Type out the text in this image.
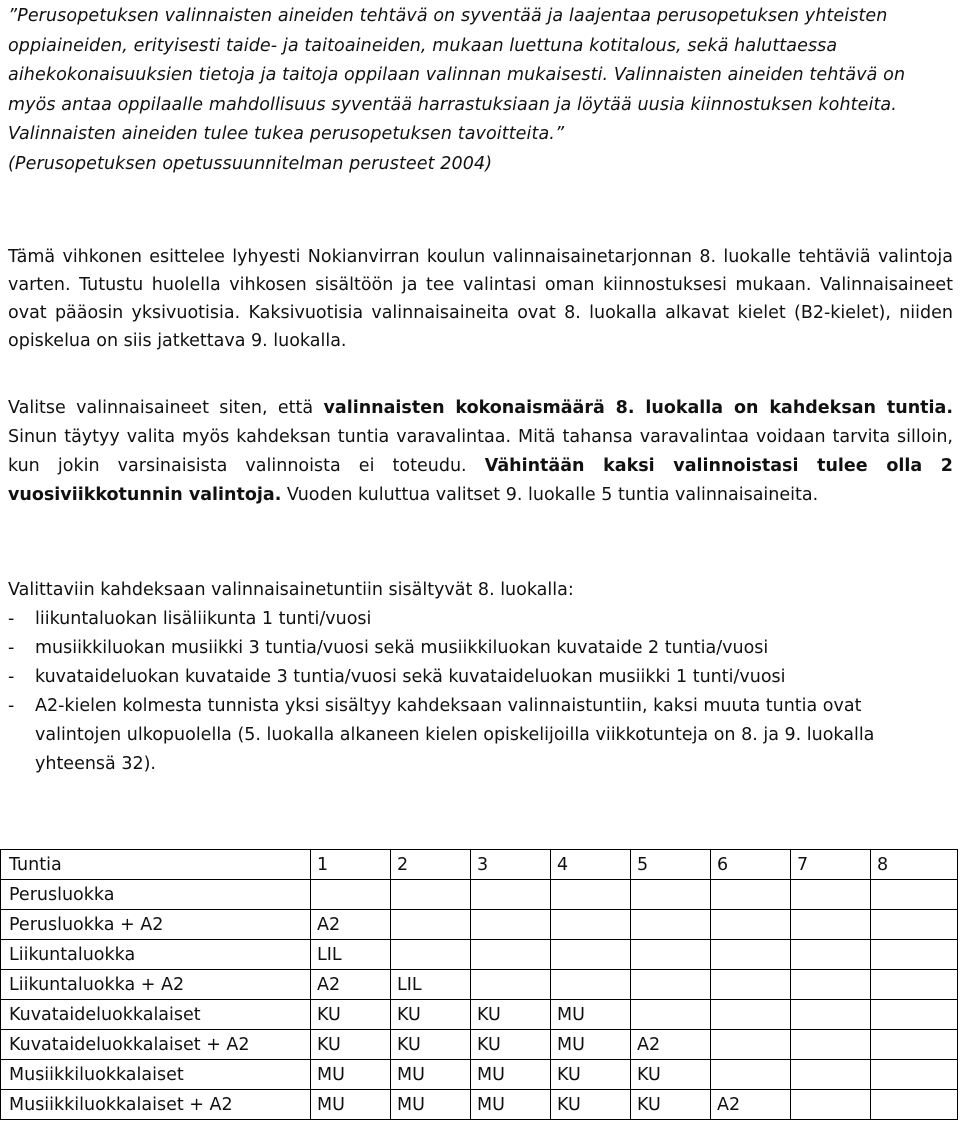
”Perusopetuksen valinnaisten aineiden tehtävä on syventää ja laajentaa perusopetuksen yhteisten oppiaineiden, erityisesti taide- ja taitoaineiden, mukaan luettuna kotitalous, sekä haluttaessa aihekokonaisuuksien tietoja ja taitoja oppilaan valinnan mukaisesti. Valinnaisten aineiden tehtävä on myös antaa oppilaalle mahdollisuus syventää harrastuksiaan ja löytää uusia kiinnostuksen kohteita. Valinnaisten aineiden tulee tukea perusopetuksen tavoitteita.”

(Perusopetuksen opetussuunnitelman perusteet 2004)

Tämä vihkonen esittelee lyhyesti Nokianvirran koulun valinnaisainetarjonnan 8. luokalle tehtäviä valintoja varten. Tutustu huolella vihkosen sisältöön ja tee valintasi oman kiinnostuksesi mukaan. Valinnaisaineet ovat pääosin yksivuotisia. Kaksivuotisia valinnaisaineita ovat 8. luokalla alkavat kielet (B2-kielet), niiden opiskelua on siis jatkettava 9. luokalla.

Valitse valinnaisaineet siten, että valinnaisten kokonaismäärä 8. luokalla on kahdeksan tuntia. Sinun täytyy valita myös kahdeksan tuntia varavalintaa. Mitä tahansa varavalintaa voidaan tarvita silloin, kun jokin varsinaisista valinnoista ei toteudu. Vähintään kaksi valinnoistasi tulee olla 2 vuosiviikkotunnin valintoja. Vuoden kuluttua valitset 9. luokalle 5 tuntia valinnaisaineita.

Valittaviin kahdeksaan valinnaisainetuntiin sisältyvät 8. luokalla:

- liikuntaluokan lisäliikunta 1 tunti/vuosi
- musiikkiluokan musiikki 3 tuntia/vuosi sekä musiikkiluokan kuvataide 2 tuntia/vuosi
- kuvataideluokan kuvataide 3 tuntia/vuosi sekä kuvataideluokan musiikki 1 tunti/vuosi
- A2-kielen kolmesta tunnista yksi sisältyy kahdeksaan valinnaistuntiin, kaksi muuta tuntia ovat valintojen ulkopuolella (5. luokalla alkaneen kielen opiskelijoilla viikkotunteja on 8. ja 9. luokalla yhteensä 32).
Tuntia	1	2	3	4	5	6	7	8
Perusluokka								
Perusluokka + A2	A2							
Liikuntaluokka	LIL							
Liikuntaluokka + A2	A2	LIL						
Kuvataideluokkalaiset	KU	KU	KU	MU				
Kuvataideluokkalaiset + A2	KU	KU	KU	MU	A2			
Musiikkiluokkalaiset	MU	MU	MU	KU	KU			
Musiikkiluokkalaiset + A2	MU	MU	MU	KU	KU	A2		
